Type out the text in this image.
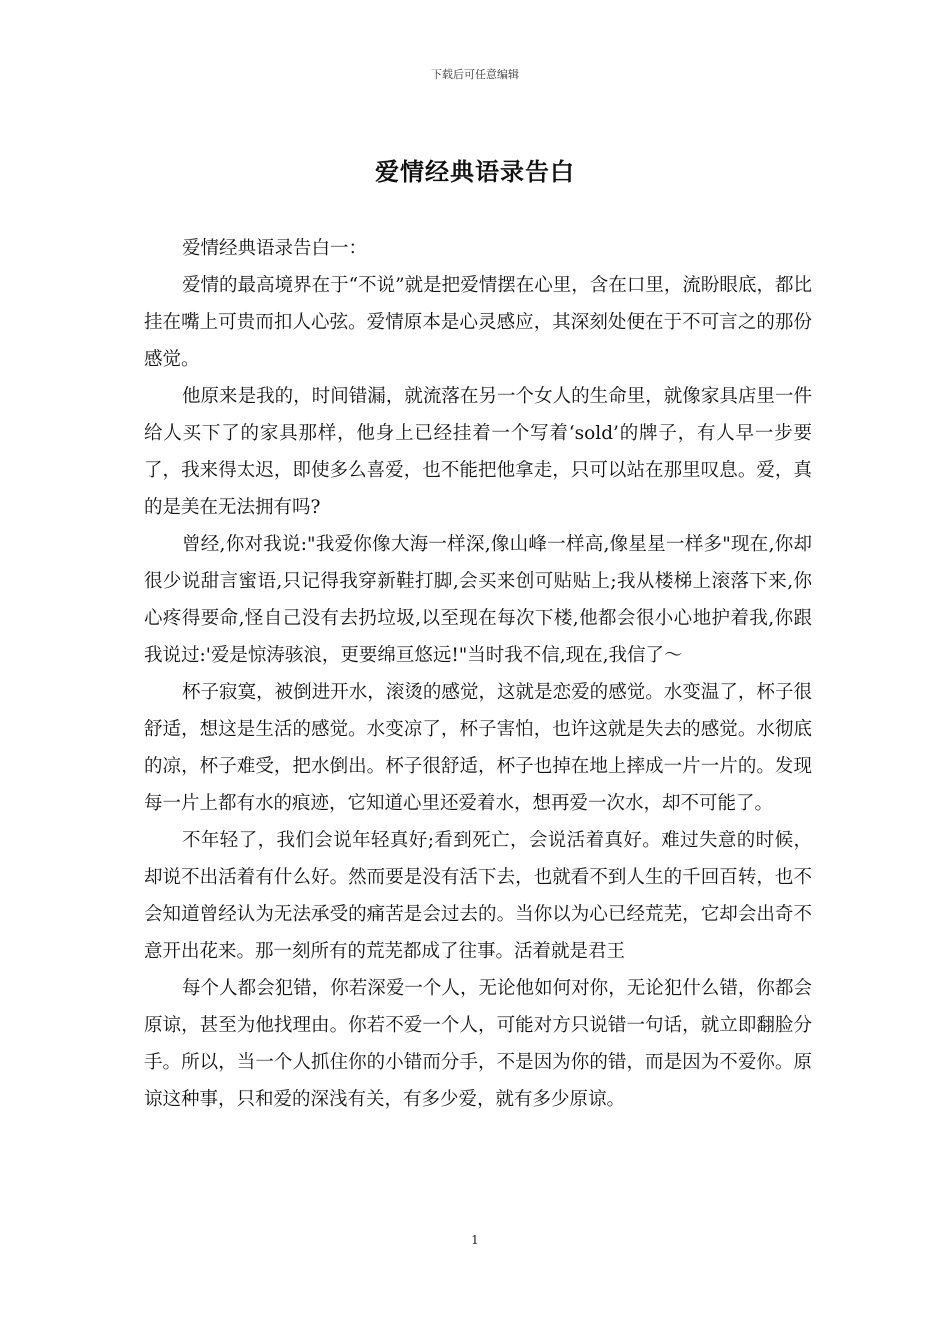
下载后可任意编辑
爱情经典语录告白

爱情经典语录告白一：

爱情的最高境界在于“不说”就是把爱情摆在心里，含在口里，流盼眼底，都比挂在嘴上可贵而扣人心弦。爱情原本是心灵感应，其深刻处便在于不可言之的那份感觉。

他原来是我的，时间错漏，就流落在另一个女人的生命里，就像家具店里一件给人买下了的家具那样，他身上已经挂着一个写着‘sold’的牌子，有人早一步要了，我来得太迟，即使多么喜爱，也不能把他拿走，只可以站在那里叹息。爱，真的是美在无法拥有吗?

曾经,你对我说:"我爱你像大海一样深,像山峰一样高,像星星一样多"现在,你却很少说甜言蜜语,只记得我穿新鞋打脚,会买来创可贴贴上;我从楼梯上滚落下来,你心疼得要命,怪自己没有去扔垃圾,以至现在每次下楼,他都会很小心地护着我,你跟我说过:'爱是惊涛骇浪，更要绵亘悠远!"当时我不信,现在,我信了～

杯子寂寞，被倒进开水，滚烫的感觉，这就是恋爱的感觉。水变温了，杯子很舒适，想这是生活的感觉。水变凉了，杯子害怕，也许这就是失去的感觉。水彻底的凉，杯子难受，把水倒出。杯子很舒适，杯子也掉在地上摔成一片一片的。发现每一片上都有水的痕迹，它知道心里还爱着水，想再爱一次水，却不可能了。

不年轻了，我们会说年轻真好;看到死亡，会说活着真好。难过失意的时候，却说不出活着有什么好。然而要是没有活下去，也就看不到人生的千回百转，也不会知道曾经认为无法承受的痛苦是会过去的。当你以为心已经荒芜，它却会出奇不意开出花来。那一刻所有的荒芜都成了往事。活着就是君王

每个人都会犯错，你若深爱一个人，无论他如何对你，无论犯什么错，你都会原谅，甚至为他找理由。你若不爱一个人，可能对方只说错一句话，就立即翻脸分手。所以，当一个人抓住你的小错而分手，不是因为你的错，而是因为不爱你。原谅这种事，只和爱的深浅有关，有多少爱，就有多少原谅。

1
